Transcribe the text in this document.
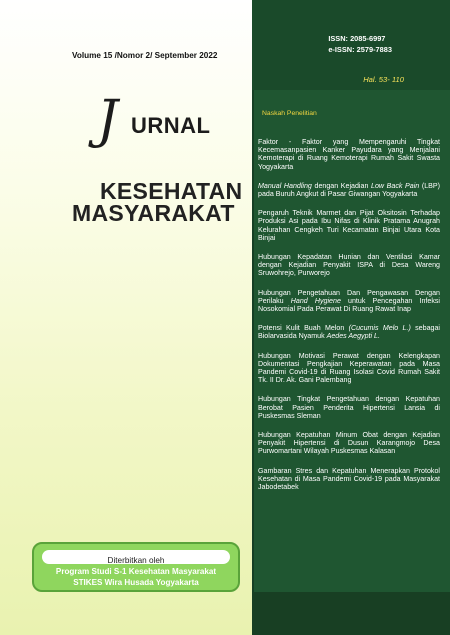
Volume 15 /Nomor 2/ September 2022
ISSN: 2085-6997
e-ISSN: 2579-7883
Hal. 53- 110
J URNAL
KESEHATAN
MASYARAKAT
Naskah Penelitian
Faktor - Faktor yang Mempengaruhi Tingkat Kecemasanpasien Kanker Payudara yang Menjalani Kemoterapi di Ruang Kemoterapi Rumah Sakit Swasta Yogyakarta
Manual Handling dengan Kejadian Low Back Pain (LBP) pada Buruh Angkut di Pasar Giwangan Yogyakarta
Pengaruh Teknik Marmet dan Pijat Oksitosin Terhadap Produksi Asi pada Ibu Nifas di Klinik Pratama Anugrah Kelurahan Cengkeh Turi Kecamatan Binjai Utara Kota Binjai
Hubungan Kepadatan Hunian dan Ventilasi Kamar dengan Kejadian Penyakit ISPA di Desa Wareng Sruwohrejo, Purworejo
Hubungan Pengetahuan Dan Pengawasan Dengan Perilaku Hand Hygiene untuk Pencegahan Infeksi Nosokomial Pada Perawat Di Ruang Rawat Inap
Potensi Kulit Buah Melon (Cucumis Melo L.) sebagai Biolarvasida Nyamuk Aedes Aegypti L.
Hubungan Motivasi Perawat dengan Kelengkapan Dokumentasi Pengkajian Keperawatan pada Masa Pandemi Covid-19 di Ruang Isolasi Covid Rumah Sakit Tk. II Dr. Ak. Gani Palembang
Hubungan Tingkat Pengetahuan dengan Kepatuhan Berobat Pasien Penderita Hipertensi Lansia di Puskesmas Sleman
Hubungan Kepatuhan Minum Obat dengan Kejadian Penyakit Hipertensi di Dusun Karangmojo Desa Purwomartani Wilayah Puskesmas Kalasan
Gambaran Stres dan Kepatuhan Menerapkan Protokol Kesehatan di Masa Pandemi Covid-19 pada Masyarakat Jabodetabek
Diterbitkan oleh
Program Studi S-1 Kesehatan Masyarakat
STIKES Wira Husada Yogyakarta
